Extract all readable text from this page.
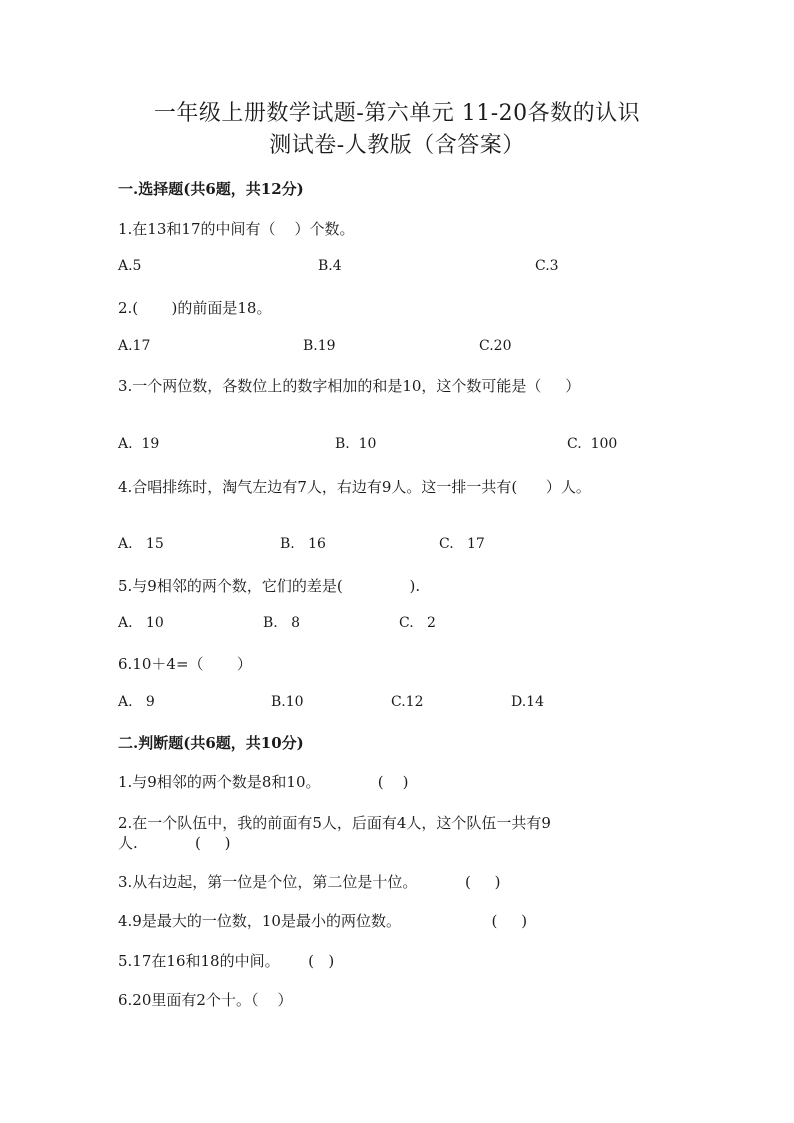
一年级上册数学试题-第六单元 11-20各数的认识
测试卷-人教版（含答案）
一.选择题(共6题，共12分)
1.在13和17的中间有（    ）个数。
A.5	B.4	C.3
2.(       )的前面是18。
A.17	B.19	C.20
3.一个两位数，各数位上的数字相加的和是10，这个数可能是（     ）
A.  19	B.  10	C.  100
4.合唱排练时，淘气左边有7人，右边有9人。这一排一共有(      ）人。
A.   15	B.   16	C.   17
5.与9相邻的两个数，它们的差是(              ).
A.   10	B.   8	C.   2
6.10＋4=（       ）
A.   9	B.10	C.12	D.14
二.判断题(共6题，共10分)
1.与9相邻的两个数是8和10。            (    )
2.在一个队伍中，我的前面有5人，后面有4人，这个队伍一共有9
人.            (     )
3.从右边起，第一位是个位，第二位是十位。          (     )
4.9是最大的一位数，10是最小的两位数。                   (     )
5.17在16和18的中间。      (   )
6.20里面有2个十。（    ）
